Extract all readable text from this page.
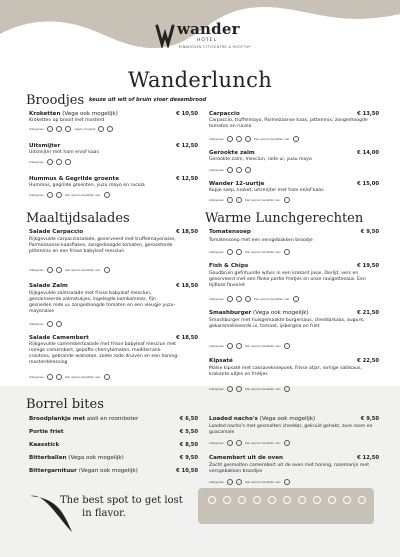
wander
HOTEL
EINDHOVEN CITYCENTRE & ROOFTOP
Wanderlunch
Broodjes keuze uit wit of bruin vloer desembrood
Kroketten (Vega ook mogelijk)	€ 10,50
Kroketten op brood met mosterd
Allergenen	vegan mogelijk
Uitsmijter	€ 12,50
Uitsmijter met ham en/of kaas
Allergenen
Hummus & Gegrilde groente	€ 12,50
Hummus, gegrilde groenten, yuzu mayo en rucola
Allergenen	Kan sporen bevatten van:
Carpaccio	€ 13,50
Carpaccio, truffelmayo, Parmezaanse kaas, pittenmix, zongedroogde tomaten en rucola
Allergenen	Kan sporen bevatten van:
Gerookte zalm	€ 14,00
Gerookte zalm, mesclun, rode ui, yuzu mayo
Allergenen
Wander 12-uurtje	€ 15,00
Kopje soep, kroket, uitsmijter met ham en/of kaas
Allergenen	Kan sporen bevatten van:
Maaltijdsalades
Salade Carpaccio	€ 18,50
Rijkgevulde carpacciosalade, geserveerd met truffelmayonaise, Parmezaanse kaasflakes, zongedroogde tomaten, geroosterde pittenmix en een frisse babyleaf mesclun
Allergenen	Kan sporen bevatten van:
Salade Zalm	€ 18,50
Rijkgevulde zalmsalade met frisse babyleaf mesclun, gemarineerde zalmstukjes, ingelegde komkommer, fijn gesneden rode ui, zongedroogde tomaten en een vleugje yuzu-mayonaise
Allergenen
Salade Camembert	€ 18,50
Rijkgevulde camembertsalade met frisse babyleaf mesclun met romige camembert, gepofte cherrytomaten, mediterrane croutons, gebrande walnoten, zoete rode druiven en een honing-mosterddressing
Allergenen	Kan sporen bevatten van:
Warme Lunchgerechten
Tomatensoep	€ 9,50
Tomatensoep met een versgebakken broodje
Allergenen	Kan sporen bevatten van:
Fish & Chips	€ 19,50
Goudbruin gefrituurde witvis in een krokant jasje. Derlijt, vers en geserveerd met een flinke portie frietjes en onze ravigottesaus. Een tijdloze favoriet
Allergenen	Kan sporen bevatten van:
Smashburger (Vega ook mogelijk)	€ 21,50
Smashburger met huisgemaakte burgersaus, cheddarkaas, augurk, gekaramelliseerde ui, tomaat, ijsbergsla en friet
Allergenen	Kan sporen bevatten van:
Kipsaté	€ 22,50
Malse kipsaté met cassavekroepoek, frisse atjar, romige satésaus, krokante uitjes en frietjes
Allergenen	Kan sporen bevatten van:
Borrel bites
Broodplankje met aioli en roomboter	€ 6,50
Portie friet	€ 5,50
Kaasstick	€ 8,50
Bitterballen (Vega ook mogelijk)	€ 9,50
Bittergarnituur (Vegan ook mogelijk)	€ 10,50
Loaded nacho's (Vega ook mogelijk)	€ 9,50
Loaded nacho's met gesmolten cheddar, gekruid gehakt, zure room en guacamole
Allergenen	Kan sporen bevatten van:
Camembert uit de oven	€ 12,50
Zacht gesmolten camembert uit de oven met honing, rozemarijn met versgebakken broodjes
Allergenen	Kan sporen bevatten van:
The best spot to get lost
in flavor.
